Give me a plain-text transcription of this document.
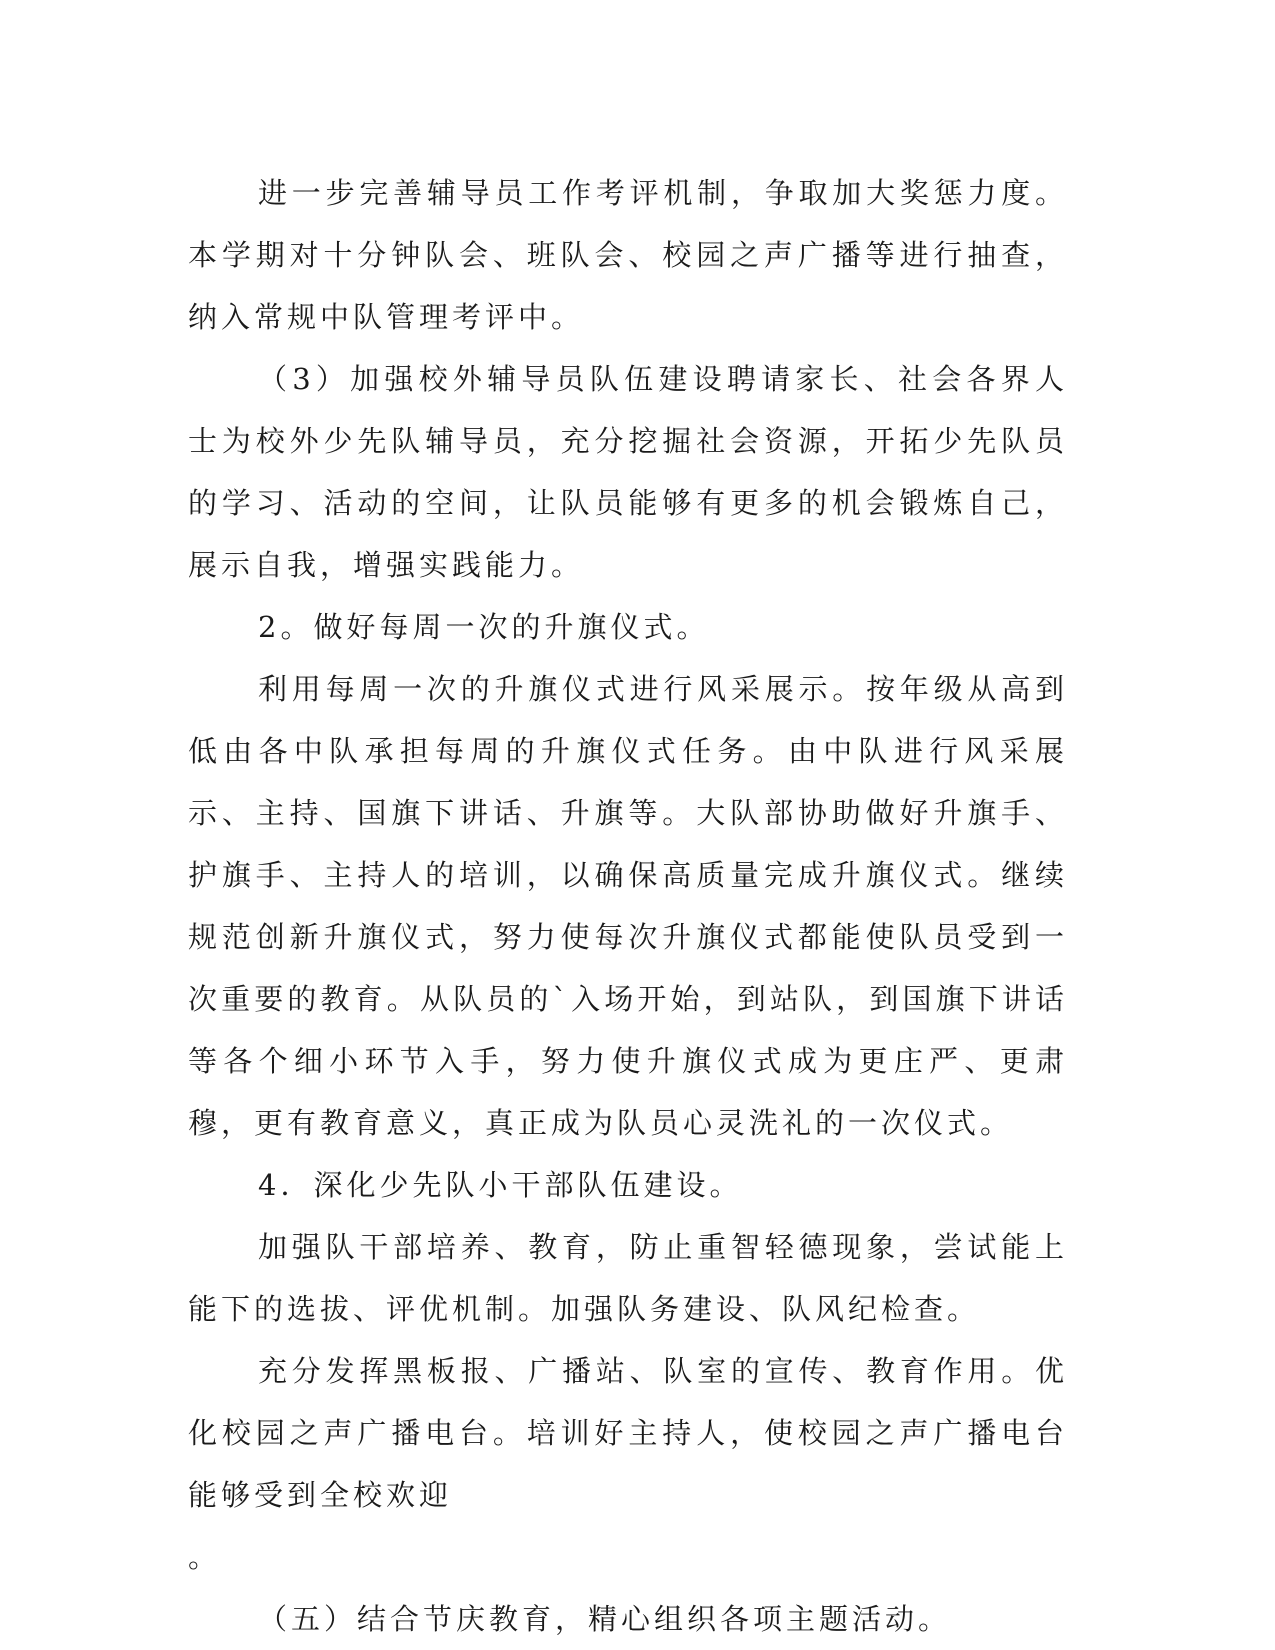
进一步完善辅导员工作考评机制，争取加大奖惩力度。本学期对十分钟队会、班队会、校园之声广播等进行抽查，纳入常规中队管理考评中。

（3）加强校外辅导员队伍建设聘请家长、社会各界人士为校外少先队辅导员，充分挖掘社会资源，开拓少先队员的学习、活动的空间，让队员能够有更多的机会锻炼自己，展示自我，增强实践能力。

2。做好每周一次的升旗仪式。

利用每周一次的升旗仪式进行风采展示。按年级从高到低由各中队承担每周的升旗仪式任务。由中队进行风采展示、主持、国旗下讲话、升旗等。大队部协助做好升旗手、护旗手、主持人的培训，以确保高质量完成升旗仪式。继续规范创新升旗仪式，努力使每次升旗仪式都能使队员受到一次重要的教育。从队员的`入场开始，到站队，到国旗下讲话等各个细小环节入手，努力使升旗仪式成为更庄严、更肃穆，更有教育意义，真正成为队员心灵洗礼的一次仪式。

4．深化少先队小干部队伍建设。

加强队干部培养、教育，防止重智轻德现象，尝试能上能下的选拔、评优机制。加强队务建设、队风纪检查。

充分发挥黑板报、广播站、队室的宣传、教育作用。优化校园之声广播电台。培训好主持人，使校园之声广播电台能够受到全校欢迎

。

（五）结合节庆教育，精心组织各项主题活动。
